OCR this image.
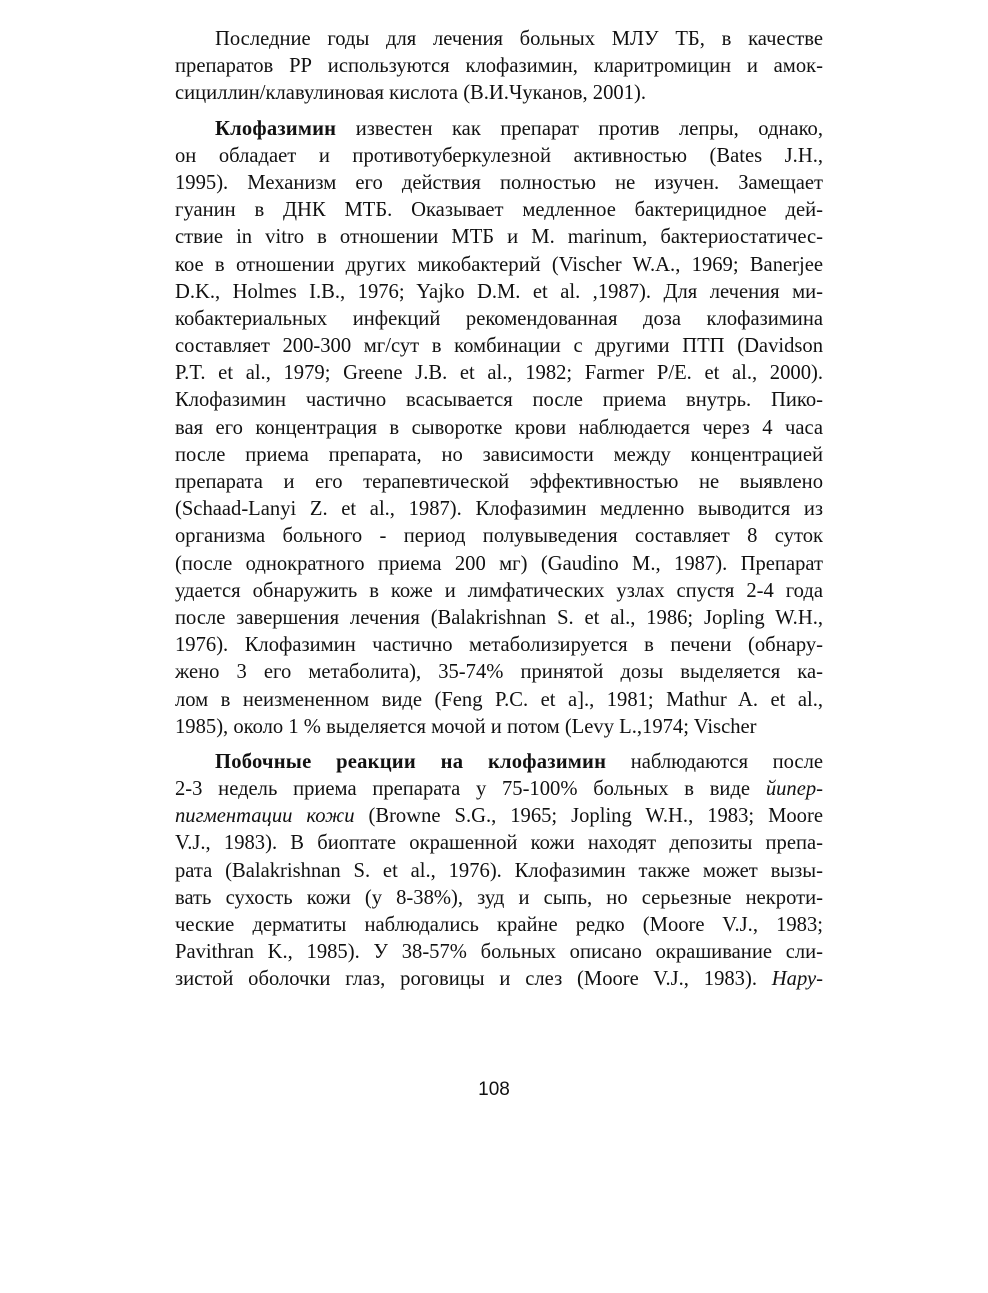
Последние годы для лечения больных МЛУ ТБ, в качестве
препаратов РР используются клофазимин, кларитромицин и амок-
сициллин/клавулиновая кислота (В.И.Чуканов, 2001).
Клофазимин известен как препарат против лепры, однако,
он обладает и противотуберкулезной активностью (Bates J.H.,
1995). Механизм его действия полностью не изучен. Замещает
гуанин в ДНК МТБ. Оказывает медленное бактерицидное дей-
ствие in vitro в отношении МТБ и M. marinum, бактериостатичес-
кое в отношении других микобактерий (Vischer W.A., 1969; Banerjee
D.K., Holmes I.B., 1976; Yajko D.M. et al. ,1987). Для лечения ми-
кобактериальных инфекций рекомендованная доза клофазимина
составляет 200-300 мг/сут в комбинации с другими ПТП (Davidson
P.T. et al., 1979; Greene J.B. et al., 1982; Farmer P/E. et al., 2000).
Клофазимин частично всасывается после приема внутрь. Пико-
вая его концентрация в сыворотке крови наблюдается через 4 часа
после приема препарата, но зависимости между концентрацией
препарата и его терапевтической эффективностью не выявлено
(Schaad-Lanyi Z. et al., 1987). Клофазимин медленно выводится из
организма больного - период полувыведения составляет 8 суток
(после однократного приема 200 мг) (Gaudino M., 1987). Препарат
удается обнаружить в коже и лимфатических узлах спустя 2-4 года
после завершения лечения (Balakrishnan S. et al., 1986; Jopling W.H.,
1976). Клофазимин частично метаболизируется в печени (обнару-
жено 3 его метаболита), 35-74% принятой дозы выделяется ка-
лом в неизмененном виде (Feng P.C. et a]., 1981; Mathur A. et al.,
1985), около 1 % выделяется мочой и потом (Levy L.,1974; Vischer
Побочные реакции на клофазимин наблюдаются после
2-3 недель приема препарата у 75-100% больных в виде йипер-
пигментации кожи (Browne S.G., 1965; Jopling W.H., 1983; Moore
V.J., 1983). В биоптате окрашенной кожи находят депозиты препа-
рата (Balakrishnan S. et al., 1976). Клофазимин также может вызы-
вать сухость кожи (у 8-38%), зуд и сыпь, но серьезные некроти-
ческие дерматиты наблюдались крайне редко (Moore V.J., 1983;
Pavithran K., 1985). У 38-57% больных описано окрашивание сли-
зистой оболочки глаз, роговицы и слез (Moore V.J., 1983). Нару-
108
